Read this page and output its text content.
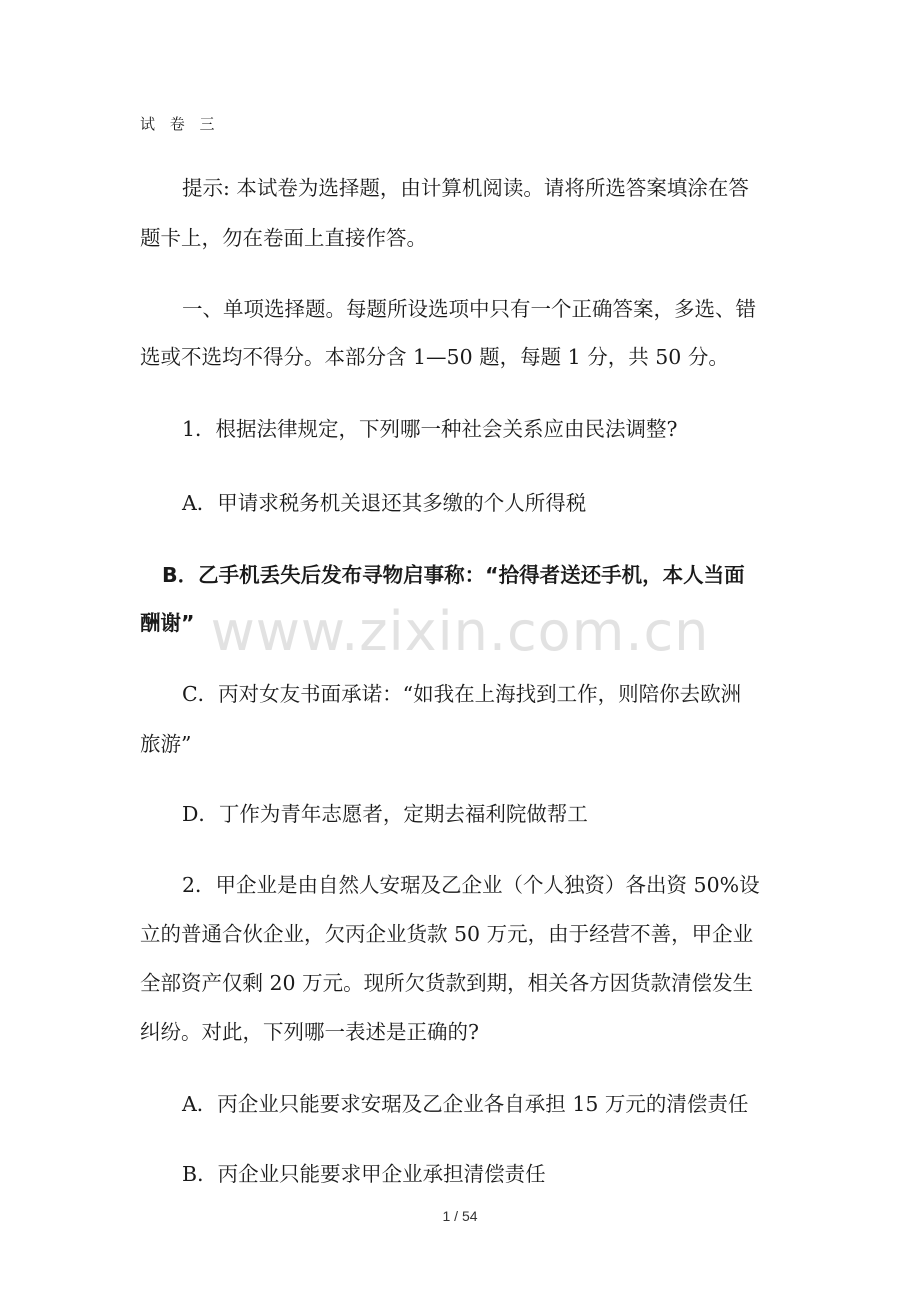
试 卷 三
提示: 本试卷为选择题，由计算机阅读。请将所选答案填涂在答
题卡上，勿在卷面上直接作答。
一、单项选择题。每题所设选项中只有一个正确答案，多选、错
选或不选均不得分。本部分含 1—50 题，每题 1 分，共 50 分。
1．根据法律规定，下列哪一种社会关系应由民法调整?
A．甲请求税务机关退还其多缴的个人所得税
B．乙手机丢失后发布寻物启事称：“拾得者送还手机，本人当面
酬谢”
C．丙对女友书面承诺：“如我在上海找到工作，则陪你去欧洲
旅游”
D．丁作为青年志愿者，定期去福利院做帮工
2．甲企业是由自然人安琚及乙企业（个人独资）各出资 50%设
立的普通合伙企业，欠丙企业货款 50 万元，由于经营不善，甲企业
全部资产仅剩 20 万元。现所欠货款到期，相关各方因货款清偿发生
纠纷。对此，下列哪一表述是正确的?
A．丙企业只能要求安琚及乙企业各自承担 15 万元的清偿责任
B．丙企业只能要求甲企业承担清偿责任
www.zixin.com.cn
1 / 54
